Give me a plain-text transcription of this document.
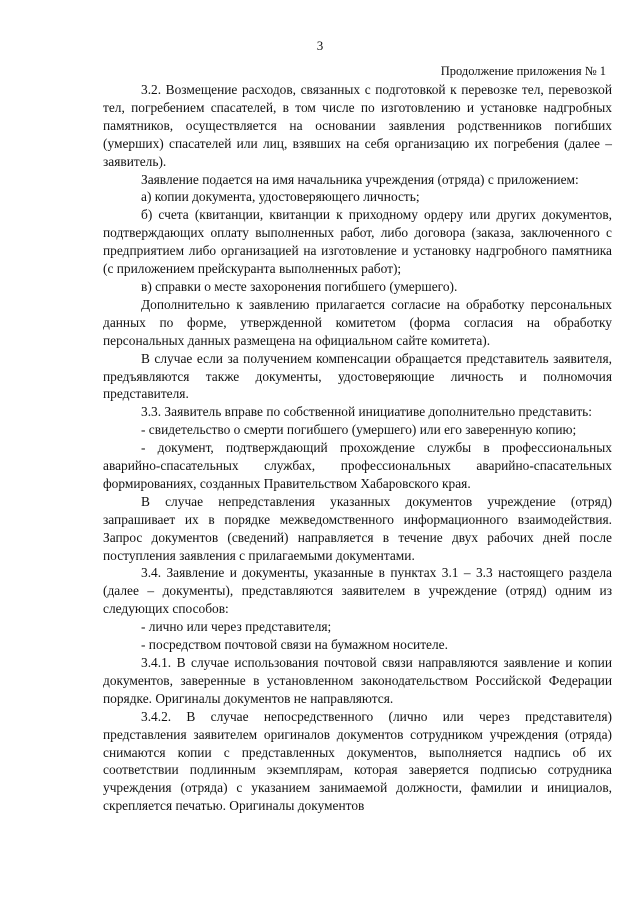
3
Продолжение приложения № 1

3.2. Возмещение расходов, связанных с подготовкой к перевозке тел, перевозкой тел, погребением спасателей, в том числе по изготовлению и установке надгробных памятников, осуществляется на основании заявления родственников погибших (умерших) спасателей или лиц, взявших на себя организацию их погребения (далее – заявитель).

Заявление подается на имя начальника учреждения (отряда) с приложением:

а) копии документа, удостоверяющего личность;

б) счета (квитанции, квитанции к приходному ордеру или других документов, подтверждающих оплату выполненных работ, либо договора (заказа, заключенного с предприятием либо организацией на изготовление и установку надгробного памятника (с приложением прейскуранта выполненных работ);

в) справки о месте захоронения погибшего (умершего).

Дополнительно к заявлению прилагается согласие на обработку персональных данных по форме, утвержденной комитетом (форма согласия на обработку персональных данных размещена на официальном сайте комитета).

В случае если за получением компенсации обращается представитель заявителя, предъявляются также документы, удостоверяющие личность и полномочия представителя.

3.3. Заявитель вправе по собственной инициативе дополнительно представить:

- свидетельство о смерти погибшего (умершего) или его заверенную копию;

- документ, подтверждающий прохождение службы в профессиональных аварийно-спасательных службах, профессиональных аварийно-спасательных формированиях, созданных Правительством Хабаровского края.

В случае непредставления указанных документов учреждение (отряд) запрашивает их в порядке межведомственного информационного взаимодействия. Запрос документов (сведений) направляется в течение двух рабочих дней после поступления заявления с прилагаемыми документами.

3.4. Заявление и документы, указанные в пунктах 3.1 – 3.3 настоящего раздела (далее – документы), представляются заявителем в учреждение (отряд) одним из следующих способов:

- лично или через представителя;

- посредством почтовой связи на бумажном носителе.

3.4.1. В случае использования почтовой связи направляются заявление и копии документов, заверенные в установленном законодательством Российской Федерации порядке. Оригиналы документов не направляются.

3.4.2. В случае непосредственного (лично или через представителя) представления заявителем оригиналов документов сотрудником учреждения (отряда) снимаются копии с представленных документов, выполняется надпись об их соответствии подлинным экземплярам, которая заверяется подписью сотрудника учреждения (отряда) с указанием занимаемой должности, фамилии и инициалов, скрепляется печатью. Оригиналы документов
